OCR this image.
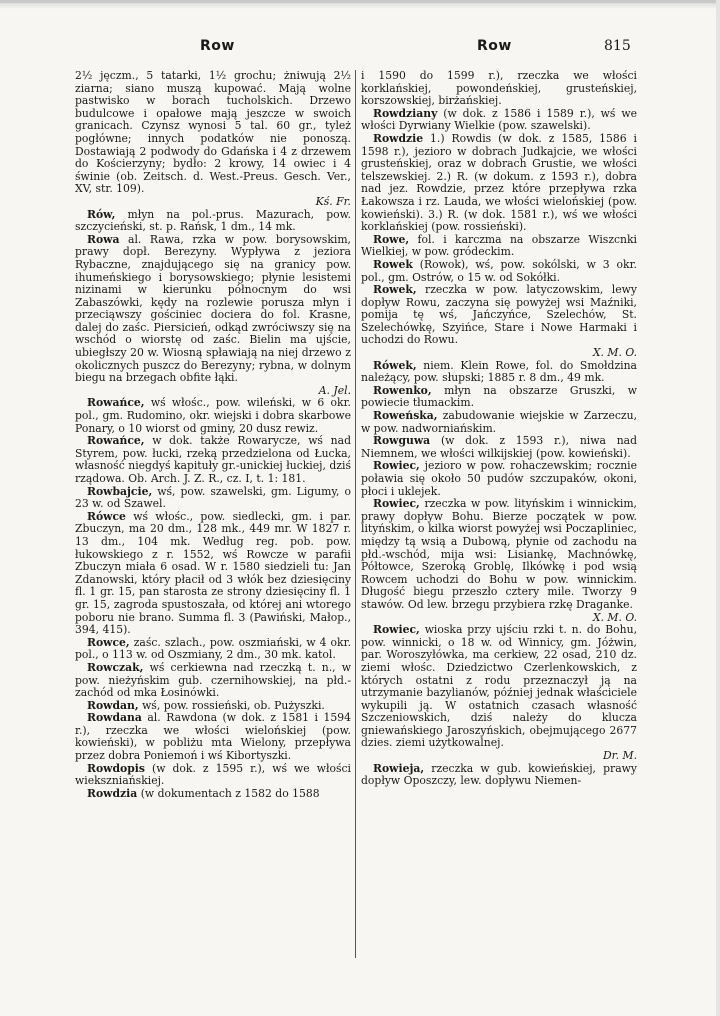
Row	Row	815

2½ jęczm., 5 tatarki, 1½ grochu; żniwują 2½ ziarna; siano muszą kupować. Mają wolne pastwisko w borach tucholskich. Drzewo budulcowe i opałowe mają jeszcze w swoich granicach. Czynsz wynosi 5 tal. 60 gr., tyleż pogłówne; innych podatków nie ponoszą. Dostawiają 2 podwody do Gdańska i 4 z drzewem do Kościerzyny; bydło: 2 krowy, 14 owiec i 4 świnie (ob. Zeitsch. d. West.-Preus. Gesch. Ver., XV, str. 109).
Kś. Fr.

Rów, młyn na pol.-prus. Mazurach, pow. szczycieński, st. p. Rańsk, 1 dm., 14 mk.

Rowa al. Rawa, rzka w pow. borysowskim, prawy dopł. Berezyny. Wypływa z jeziora Rybaczne, znajdującego się na granicy pow. ihumeńskiego i borysowskiego; płynie lesistemi nizinami w kierunku północnym do wsi Zabaszówki, kędy na rozlewie porusza młyn i przeciąwszy gościniec dociera do fol. Krasne, dalej do zaśc. Piersicień, odkąd zwróciwszy się na wschód o wiorstę od zaśc. Bielin ma ujście, ubiegłszy 20 w. Wiosną spławiają na niej drzewo z okolicznych puszcz do Berezyny; rybna, w dolnym biegu na brzegach obfite łąki.
A. Jel.

Rowańce, wś włośc., pow. wileński, w 6 okr. pol., gm. Rudomino, okr. wiejski i dobra skarbowe Ponary, o 10 wiorst od gminy, 20 dusz rewiz.

Rowańce, w dok. także Rowarycze, wś nad Styrem, pow. łucki, rzeką przedzielona od Łucka, własność niegdyś kapituły gr.-unickiej łuckiej, dziś rządowa. Ob. Arch. J. Z. R., cz. I, t. 1: 181.

Rowbajcie, wś, pow. szawelski, gm. Ligumy, o 23 w. od Szawel.

Rówce wś włośc., pow. siedlecki, gm. i par. Zbuczyn, ma 20 dm., 128 mk., 449 mr. W 1827 r. 13 dm., 104 mk. Według reg. pob. pow. łukowskiego z r. 1552, wś Rowcze w parafii Zbuczyn miała 6 osad. W r. 1580 siedzieli tu: Jan Zdanowski, który płacił od 3 włók bez dziesięciny fl. 1 gr. 15, pan starosta ze strony dziesięciny fl. 1 gr. 15, zagroda spustoszała, od której ani wtorego poboru nie brano. Summa fl. 3 (Pawiński, Małop., 394, 415).

Rowce, zaśc. szlach., pow. oszmiański, w 4 okr. pol., o 113 w. od Oszmiany, 2 dm., 30 mk. katol.

Rowczak, wś cerkiewna nad rzeczką t. n., w pow. nieżyńskim gub. czernihowskiej, na płd.-zachód od mka Łosinówki.

Rowdan, wś, pow. rossieński, ob. Pużyszki.

Rowdana al. Rawdona (w dok. z 1581 i 1594 r.), rzeczka we włości wielońskiej (pow. kowieński), w pobliżu mta Wielony, przepływa przez dobra Poniemoń i wś Kibortyszki.

Rowdopis (w dok. z 1595 r.), wś we włości wiekszniańskiej.

Rowdzia (w dokumentach z 1582 do 1588

i 1590 do 1599 r.), rzeczka we włości korklańskiej, powondeńskiej, grusteńskiej, korszowskiej, birżańskiej.

Rowdziany (w dok. z 1586 i 1589 r.), wś we włości Dyrwiany Wielkie (pow. szawelski).

Rowdzie 1.) Rowdis (w dok. z 1585, 1586 i 1598 r.), jezioro w dobrach Judkajcie, we włości grusteńskiej, oraz w dobrach Grustie, we włości telszewskiej. 2.) R. (w dokum. z 1593 r.), dobra nad jez. Rowdzie, przez które przepływa rzka Łakowsza i rz. Lauda, we włości wielońskiej (pow. kowieński). 3.) R. (w dok. 1581 r.), wś we włości korklańskiej (pow. rossieński).

Rowe, fol. i karczma na obszarze Wiszcnki Wielkiej, w pow. gródeckim.

Rowek (Rowok), wś, pow. sokólski, w 3 okr. pol., gm. Ostrów, o 15 w. od Sokółki.

Rowek, rzeczka w pow. latyczowskim, lewy dopływ Rowu, zaczyna się powyżej wsi Maźniki, pomija tę wś, Jańczyńce, Szelechów, St. Szelechówkę, Szyińce, Stare i Nowe Harmaki i uchodzi do Rowu.
X. M. O.

Rówek, niem. Klein Rowe, fol. do Smołdzina należący, pow. słupski; 1885 r. 8 dm., 49 mk.

Rowenko, młyn na obszarze Gruszki, w powiecie tłumackim.

Roweńska, zabudowanie wiejskie w Zarzeczu, w pow. nadworniańskim.

Rowguwa (w dok. z 1593 r.), niwa nad Niemnem, we włości wilkijskiej (pow. kowieński).

Rowiec, jezioro w pow. rohaczewskim; rocznie poławia się około 50 pudów szczupaków, okoni, płoci i uklejek.

Rowiec, rzeczka w pow. lityńskim i winnickim, prawy dopływ Bohu. Bierze początek w pow. lityńskim, o kilka wiorst powyżej wsi Poczapliniec, między tą wsią a Dubową, płynie od zachodu na płd.-wschód, mija wsi: Lisiankę, Machnówkę, Półtowce, Szeroką Groblę, Ilkówkę i pod wsią Rowcem uchodzi do Bohu w pow. winnickim. Długość biegu przeszło cztery mile. Tworzy 9 stawów. Od lew. brzegu przybiera rzkę Draganke.
X. M. O.

Rowiec, wioska przy ujściu rzki t. n. do Bohu, pow. winnicki, o 18 w. od Winnicy, gm. Jóżwin, par. Woroszyłówka, ma cerkiew, 22 osad, 210 dz. ziemi włośc. Dziedzictwo Czerlenkowskich, z których ostatni z rodu przeznaczył ją na utrzymanie bazylianów, później jednak właściciele wykupili ją. W ostatnich czasach własność Szczeniowskich, dziś należy do klucza gniewańskiego Jaroszyńskich, obejmującego 2677 dzies. ziemi użytkowalnej.
Dr. M.

Rowieja, rzeczka w gub. kowieńskiej, prawy dopływ Oposzczy, lew. dopływu Niemen-
